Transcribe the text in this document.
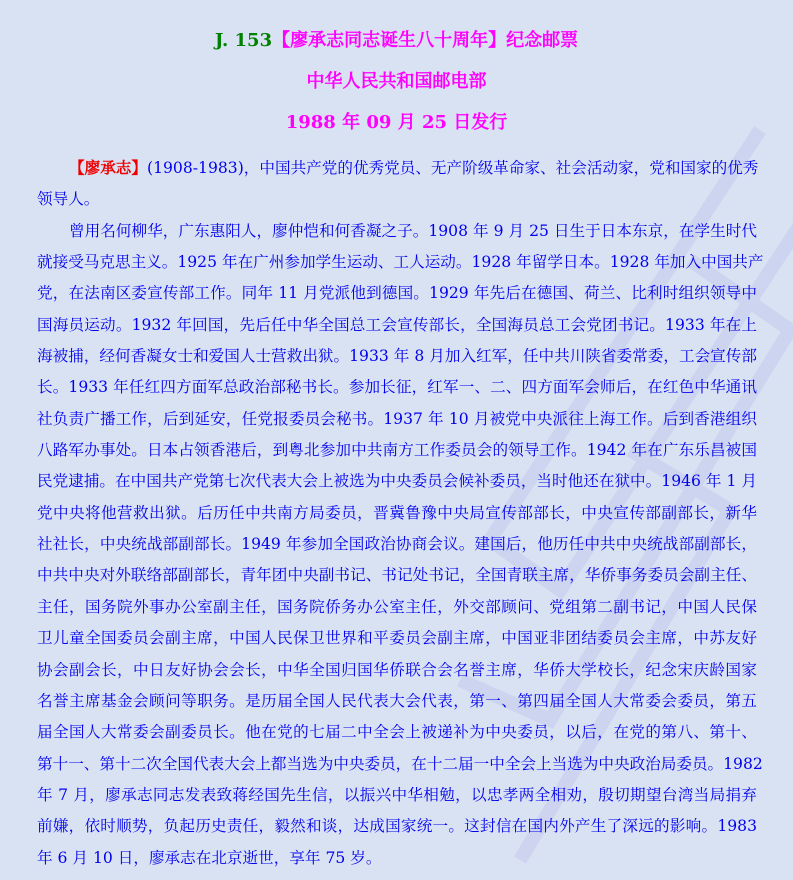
J. 153【廖承志同志诞生八十周年】纪念邮票
中华人民共和国邮电部
1988 年 09 月 25 日发行
【廖承志】(1908-1983)，中国共产党的优秀党员、无产阶级革命家、社会活动家，党和国家的优秀
领导人。
曾用名何柳华，广东惠阳人，廖仲恺和何香凝之子。1908 年 9 月 25 日生于日本东京，在学生时代
就接受马克思主义。1925 年在广州参加学生运动、工人运动。1928 年留学日本。1928 年加入中国共产
党，在法南区委宣传部工作。同年 11 月党派他到德国。1929 年先后在德国、荷兰、比利时组织领导中
国海员运动。1932 年回国，先后任中华全国总工会宣传部长，全国海员总工会党团书记。1933 年在上
海被捕，经何香凝女士和爱国人士营救出狱。1933 年 8 月加入红军，任中共川陕省委常委，工会宣传部
长。1933 年任红四方面军总政治部秘书长。参加长征，红军一、二、四方面军会师后，在红色中华通讯
社负责广播工作，后到延安，任党报委员会秘书。1937 年 10 月被党中央派往上海工作。后到香港组织
八路军办事处。日本占领香港后，到粤北参加中共南方工作委员会的领导工作。1942 年在广东乐昌被国
民党逮捕。在中国共产党第七次代表大会上被选为中央委员会候补委员，当时他还在狱中。1946 年 1 月
党中央将他营救出狱。后历任中共南方局委员，晋冀鲁豫中央局宣传部部长，中央宣传部副部长，新华
社社长，中央统战部副部长。1949 年参加全国政治协商会议。建国后，他历任中共中央统战部副部长，
中共中央对外联络部副部长，青年团中央副书记、书记处书记，全国青联主席，华侨事务委员会副主任、
主任，国务院外事办公室副主任，国务院侨务办公室主任，外交部顾问、党组第二副书记，中国人民保
卫儿童全国委员会副主席，中国人民保卫世界和平委员会副主席，中国亚非团结委员会主席，中苏友好
协会副会长，中日友好协会会长，中华全国归国华侨联合会名誉主席，华侨大学校长，纪念宋庆龄国家
名誉主席基金会顾问等职务。是历届全国人民代表大会代表，第一、第四届全国人大常委会委员，第五
届全国人大常委会副委员长。他在党的七届二中全会上被递补为中央委员，以后，在党的第八、第十、
第十一、第十二次全国代表大会上都当选为中央委员，在十二届一中全会上当选为中央政治局委员。1982
年 7 月，廖承志同志发表致蒋经国先生信，以振兴中华相勉，以忠孝两全相劝，殷切期望台湾当局捐弃
前嫌，依时顺势，负起历史责任，毅然和谈，达成国家统一。这封信在国内外产生了深远的影响。1983
年 6 月 10 日，廖承志在北京逝世，享年 75 岁。
